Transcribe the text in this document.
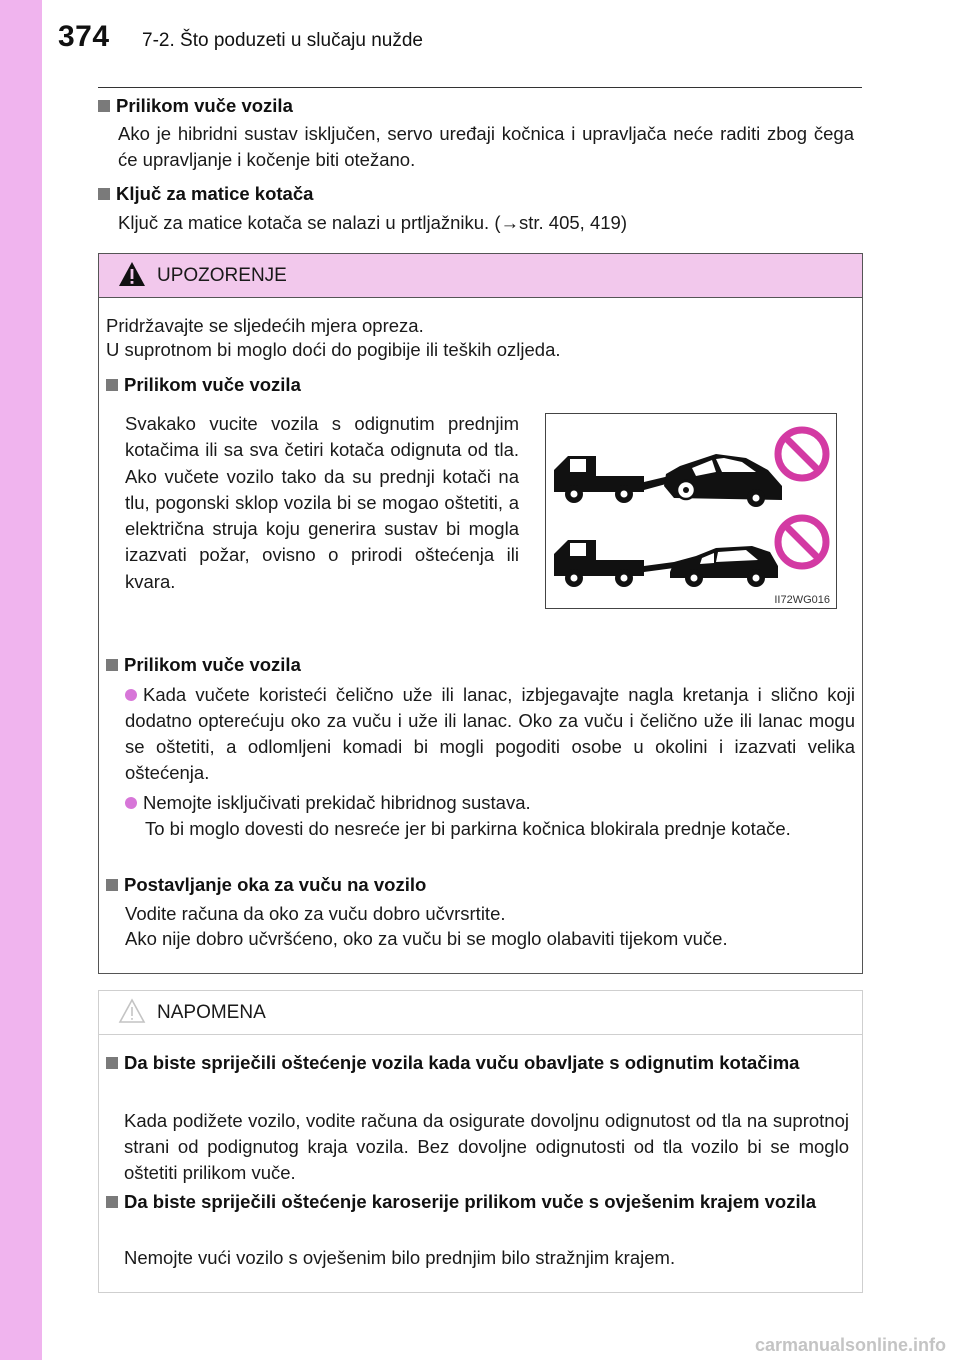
374 7-2. Što poduzeti u slučaju nužde
Prilikom vuče vozila
Ako je hibridni sustav isključen, servo uređaji kočnica i upravljača neće raditi zbog čega će upravljanje i kočenje biti otežano.
Ključ za matice kotača
Ključ za matice kotača se nalazi u prtljažniku. (→str. 405, 419)
UPOZORENJE
Pridržavajte se sljedećih mjera opreza.
U suprotnom bi moglo doći do pogibije ili teških ozljeda.
Prilikom vuče vozila
Svakako vucite vozila s odignutim prednjim kotačima ili sa sva četiri kotača odignuta od tla. Ako vučete vozilo tako da su prednji kotači na tlu, pogonski sklop vozila bi se mogao oštetiti, a električna struja koju generira sustav bi mogla izazvati požar, ovisno o prirodi oštećenja ili kvara.
Prilikom vuče vozila
Kada vučete koristeći čelično uže ili lanac, izbjegavajte nagla kretanja i slično koji dodatno opterećuju oko za vuču i uže ili lanac. Oko za vuču i čelično uže ili lanac mogu se oštetiti, a odlomljeni komadi bi mogli pogoditi osobe u okolini i izazvati velika oštećenja.
Nemojte isključivati prekidač hibridnog sustava.
To bi moglo dovesti do nesreće jer bi parkirna kočnica blokirala prednje kotače.
Postavljanje oka za vuču na vozilo
Vodite računa da oko za vuču dobro učvrsrtite.
Ako nije dobro učvršćeno, oko za vuču bi se moglo olabaviti tijekom vuče.
II72WG016
NAPOMENA
Da biste spriječili oštećenje vozila kada vuču obavljate s odignutim kotačima
Kada podižete vozilo, vodite računa da osigurate dovoljnu odignutost od tla na suprotnoj strani od podignutog kraja vozila. Bez dovoljne odignutosti od tla vozilo bi se moglo oštetiti prilikom vuče.
Da biste spriječili oštećenje karoserije prilikom vuče s ovješenim krajem vozila
Nemojte vući vozilo s ovješenim bilo prednjim bilo stražnjim krajem.
carmanualsonline.info
